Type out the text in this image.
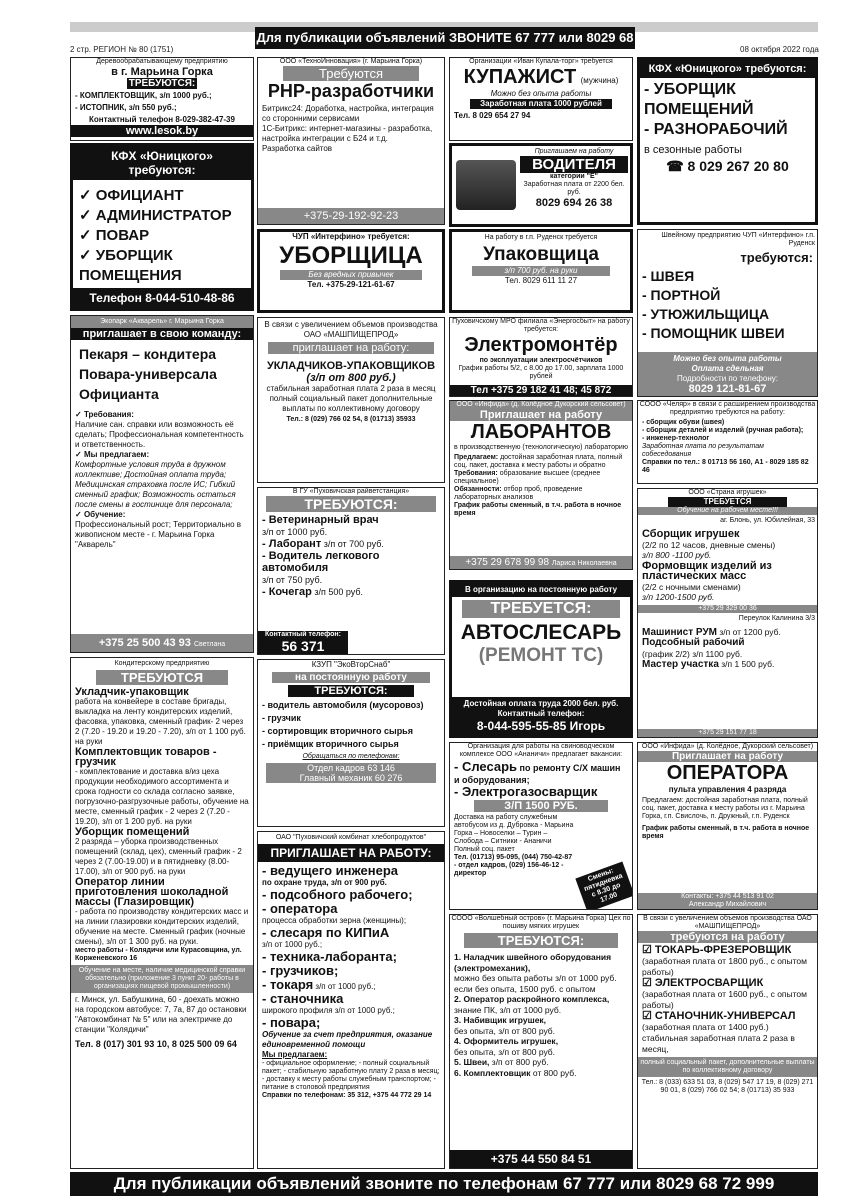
Для публикации объявлений ЗВОНИТЕ 67 777 или 8029 68
2 стр. РЕГИОН № 80 (1751)	08 октября 2022 года
Деревообрабатывающему предприятию
в г. Марьина Горка
ТРЕБУЮТСЯ:
- КОМПЛЕКТОВЩИК, з/п 1000 руб.;
- ИСТОПНИК, з/п 550 руб.;
Контактный телефон 8-029-382-47-39
www.lesok.by
КФХ «Юницкого» требуются:
✓ ОФИЦИАНТ
✓ АДМИНИСТРАТОР
✓ ПОВАР
✓ УБОРЩИК ПОМЕЩЕНИЯ
Телефон 8-044-510-48-86
Экопарк «Акварель» г. Марьина Горка
приглашает в свою команду:
Пекаря – кондитера
Повара-универсала
Официанта
✓ Требования:
Наличие сан. справки или возможность её сделать; Профессиональная компетентность и ответственность.
✓ Мы предлагаем:
Комфортные условия труда в дружном коллективе; Достойная оплата труда; Медицинская страховка после ИС; Гибкий сменный график; Возможность остаться после смены в гостинице для персонала;
✓ Обучение:
Профессиональный рост; Территориально в живописном месте - г. Марьина Горка "Акварель"
+375 25 500 43 93 Светлана
Кондитерскому предприятию
ТРЕБУЮТСЯ
Укладчик-упаковщик
работа на конвейере в составе бригады, выкладка на ленту кондитерских изделий, фасовка, упаковка, сменный график- 2 через 2 (7.20 - 19.20 и 19.20 - 7.20), з/п от 1 100 руб. на руки
Комплектовщик товаров - грузчик
- комплектование и доставка в/из цеха продукции необходимого ассортимента и срока годности со склада согласно заявке, погрузочно-разгрузочные работы, обучение на месте, сменный график - 2 через 2 (7.20 - 19.20), з/п от 1 200 руб. на руки
Уборщик помещений
2 разряда – уборка производственных помещений (склад, цех), сменный график - 2 через 2 (7.00-19.00) и в пятидневку (8.00-17.00), з/п от 900 руб. на руки
Оператор линии приготовления шоколадной массы (Глазировщик)
- работа по производству кондитерских масс и на линии глазировки кондитерских изделий, обучение на месте. Сменный график (ночные смены), з/п от 1 300 руб. на руки.
место работы - Колядичи или Курасовщина, ул. Корженевского 16
Обучение на месте, наличие медицинской справки обязательно (приложение 3 пункт 20- работы в организациях пищевой промышленности)
г. Минск, ул. Бабушкина, 60 - доехать можно на городском автобусе: 7, 7а, 87 до остановки "Автокомбинат № 5" или на электричке до станции "Колядичи"
Тел. 8 (017) 301 93 10, 8 025 500 09 64
ООО «ТехноИнновация» (г. Марьина Горка)
Требуются
PHP-разработчики
Битрикс24: Доработка, настройка, интеграция со сторонними сервисами
1С-Битрикс: интернет-магазины - разработка, настройка интеграции с Б24 и т.д.
Разработка сайтов
+375-29-192-92-23
ЧУП «Интерфино» требуется:
УБОРЩИЦА
Без вредных привычек
Тел. +375-29-121-61-67
В связи с увеличением объемов производства ОАО «МАШПИЩЕПРОД»
приглашает на работу:
УКЛАДЧИКОВ-УПАКОВЩИКОВ
(з/п от 800 руб.)
стабильная заработная плата 2 раза в месяц полный социальный пакет дополнительные выплаты по коллективному договору
Тел.: 8 (029) 766 02 54, 8 (01713) 35933
В ГУ «Пуховичская райветстанция»
ТРЕБУЮТСЯ:
- Ветеринарный врач
з/п от 1000 руб.
- Лаборант з/п от 700 руб.
- Водитель легкового автомобиля
з/п от 750 руб.
- Кочегар з/п 500 руб.
Контактный телефон:
56 371
КЗУП "ЭкоВторСнаб"
на постоянную работу
ТРЕБУЮТСЯ:
- водитель автомобиля (мусоровоз)
- грузчик
- сортировщик вторичного сырья
- приёмщик вторичного сырья
Обращаться по телефонам:
Отдел кадров 63 146
Главный механик 60 276
ОАО "Пуховичский комбинат хлебопродуктов"
ПРИГЛАШАЕТ НА РАБОТУ:
- ведущего инженера
по охране труда, з/п от 900 руб.
- подсобного рабочего;
- оператора
процесса обработки зерна (женщины);
- слесаря по КИПиА
з/п от 1000 руб.;
- техника-лаборанта;
- грузчиков;
- токаря з/п от 1000 руб.;
- станочника
широкого профиля з/п от 1000 руб.;
- повара;
Обучение за счет предприятия, оказание единовременной помощи
Мы предлагаем:
- официальное оформление; - полный социальный пакет; - стабильную заработную плату 2 раза в месяц; - доставку к месту работы служебным транспортом; - питание в столовой предприятия
Справки по телефонам: 35 312, +375 44 772 29 14
Организации «Иван Купала-торг» требуется
КУПАЖИСТ (мужчина)
Можно без опыта работы
Заработная плата 1000 рублей
Тел. 8 029 654 27 94
Приглашаем на работу
ВОДИТЕЛЯ
категории "Е"
Заработная плата от 2200 бел. руб.
8029 694 26 38
На работу в г.п. Руденск требуется
Упаковщица
з/п 700 руб. на руки
Тел. 8029 611 11 27
Пуховичскому МРО филиала «Энергосбыт» на работу требуется:
Электромонтёр
по эксплуатации электросчётчиков
График работы 5/2, с 8.00 до 17.00, зарплата 1000 рублей
Тел +375 29 182 41 48; 45 872
ООО «Инфида» (д. Колёдное Дукорский сельсовет)
Приглашает на работу
ЛАБОРАНТОВ
в производственную (технологическую) лабораторию
Предлагаем: достойная заработная плата, полный соц. пакет, доставка к месту работы и обратно
Требования: образование высшее (среднее специальное)
Обязанности: отбор проб, проведение лабораторных анализов
График работы сменный, в т.ч. работа в ночное время
+375 29 678 99 98 Лариса Николаевна
В организацию на постоянную работу
ТРЕБУЕТСЯ:
АВТОСЛЕСАРЬ
(РЕМОНТ ТС)
Достойная оплата труда 2000 бел. руб.
Контактный телефон:
8-044-595-55-85 Игорь
Организация для работы на свиноводческом комплексе ООО «Ананичи» предлагает вакансии:
- Слесарь по ремонту С/Х машин и оборудования;
- Электрогазосварщик
З/П 1500 РУБ.
Доставка на работу служебным автобусом из д. Дубровка - Марьина Горка – Новоселки – Турин – Слобода – Ситники - Ананичи Полный соц. пакет
Тел. (01713) 95-095, (044) 750-42-87 - отдел кадров, (029) 156-46-12 - директор	Смены: пятидневка с 8.30 до 17.00
СООО «Волшебный остров» (г. Марьина Горка) Цех по пошиву мягких игрушек
ТРЕБУЮТСЯ:
1. Наладчик швейного оборудования (электромеханик),
можно без опыта работы з/п от 1000 руб. если без опыта, 1500 руб. с опытом
2. Оператор раскройного комплекса,
знание ПК, з/п от 1000 руб.
3. Набивщик игрушек,
без опыта, з/п от 800 руб.
4. Оформитель игрушек,
без опыта, з/п от 800 руб.
5. Швеи, з/п от 800 руб.
6. Комплектовщик от 800 руб.
+375 44 550 84 51
КФХ «Юницкого» требуются:
- УБОРЩИК ПОМЕЩЕНИЙ
- РАЗНОРАБОЧИЙ
в сезонные работы
☎ 8 029 267 20 80
Швейному предприятию ЧУП «Интерфино» г.п. Руденск
требуются:
- ШВЕЯ
- ПОРТНОЙ
- УТЮЖИЛЬЩИЦА
- ПОМОЩНИК ШВЕИ
Можно без опыта работы
Оплата сдельная
Подробности по телефону:
8029 121-81-67
СООО «Челяр» в связи с расширением производства предприятию требуются на работу:
- сборщик обуви (швея)
- сборщик деталей и изделий (ручная работа);
- инженер-технолог
Заработная плата по результатам собеседования
Справки по тел.: 8 01713 56 160, А1 - 8029 185 82 46
ООО «Страна игрушек»
ТРЕБУЕТСЯ
Обучение на рабочем месте!!!
аг. Блонь, ул. Юбилейная, 33
Сборщик игрушек
(2/2 по 12 часов, дневные смены)
з/п 800 -1100 руб.
Формовщик изделий из пластических масс
(2/2 с ночными сменами)
з/п 1200-1500 руб.
+375 29 329 00 36
Переулок Калинина 3/3
Машинист РУМ з/п от 1200 руб.
Подсобный рабочий
(график 2/2) з/п 1100 руб.
Мастер участка з/п 1 500 руб.
+375 29 151 77 18
ООО «Инфида» (д. Колёдное, Дукорский сельсовет)
Приглашает на работу
ОПЕРАТОРА
пульта управления 4 разряда
Предлагаем: достойная заработная плата, полный соц. пакет, доставка к месту работы из г. Марьина Горка, г.п. Свислочь, п. Дружный, г.п. Руденск
График работы сменный, в т.ч. работа в ночное время
Контакты: +375 44 513 91 02
Александр Михайлович
В связи с увеличением объемов производства ОАО «МАШПИЩЕПРОД»
требуются на работу
☑ ТОКАРЬ-ФРЕЗЕРОВЩИК
(заработная плата от 1800 руб., с опытом работы)
☑ ЭЛЕКТРОСВАРЩИК
(заработная плата от 1600 руб., с опытом работы)
☑ СТАНОЧНИК-УНИВЕРСАЛ
(заработная плата от 1400 руб.) стабильная заработная плата 2 раза в месяц,
полный социальный пакет, дополнительные выплаты по коллективному договору
Тел.: 8 (033) 633 51 03, 8 (029) 547 17 19, 8 (029) 271 90 01, 8 (029) 766 02 54; 8 (01713) 35 933
Для публикации объявлений звоните по телефонам 67 777 или 8029 68 72 999
